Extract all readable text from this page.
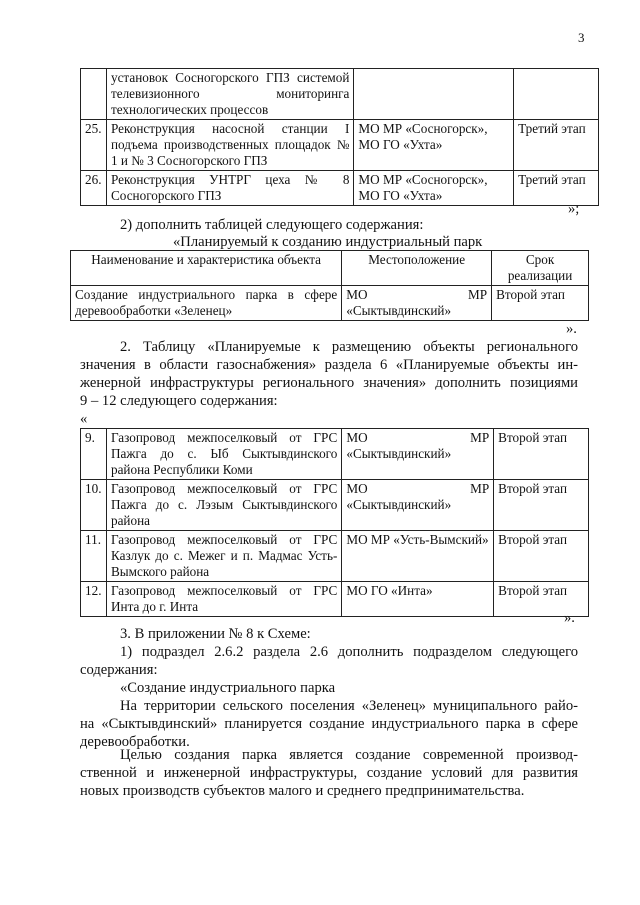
3
	установок Сосногорского ГПЗ системой телевизионного мониторинга технологических процессов		
25.	Реконструкция насосной станции I подъема производственных площадок № 1 и № 3 Сосногорского ГПЗ	МО МР «Сосногорск», МО ГО «Ухта»	Третий этап
26.	Реконструкция УНТРГ цеха № 8 Сосногорского ГПЗ	МО МР «Сосногорск», МО ГО «Ухта»	Третий этап
»;
2) дополнить таблицей следующего содержания:
«Планируемый к созданию индустриальный парк
Наименование и характеристика объекта	Местоположение	Срок реализации
Создание индустриального парка в сфере деревообработки «Зеленец»	МО МР «Сыктывдинский»	Второй этап
».
2. Таблицу «Планируемые к размещению объекты регионального
значения в области газоснабжения» раздела 6 «Планируемые объекты ин-
женерной инфраструктуры регионального значения» дополнить позициями
9 – 12 следующего содержания:
«
9.	Газопровод межпоселковый от ГРС Пажга до с. Ыб Сыктывдинского района Республики Коми	МО МР «Сыктывдинский»	Второй этап
10.	Газопровод межпоселковый от ГРС Пажга до с. Лэзым Сыктывдинского района	МО МР «Сыктывдинский»	Второй этап
11.	Газопровод межпоселковый от ГРС Казлук до с. Межег и п. Мадмас Усть-Вымского района	МО МР «Усть-Вымский»	Второй этап
12.	Газопровод межпоселковый от ГРС Инта до г. Инта	МО ГО «Инта»	Второй этап
».
3. В приложении № 8 к Схеме:
1) подраздел 2.6.2 раздела 2.6 дополнить подразделом следующего
содержания:
«Создание индустриального парка
На территории сельского поселения «Зеленец» муниципального райо-
на «Сыктывдинский» планируется создание индустриального парка в сфере
деревообработки.
Целью создания парка является создание современной производ-
ственной и инженерной инфраструктуры, создание условий для развития
новых производств субъектов малого и среднего предпринимательства.
